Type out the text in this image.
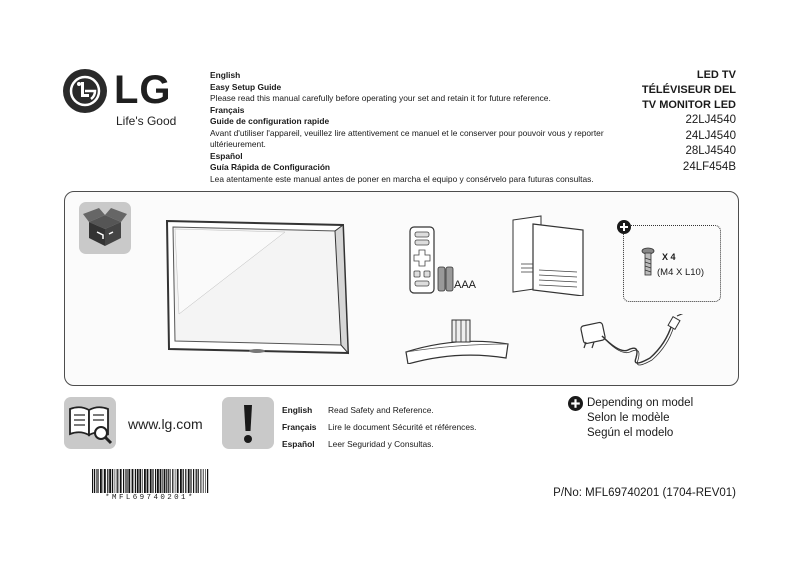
LG
Life's Good
English
Easy Setup Guide
Please read this manual carefully before operating your set and retain it for future reference.
Français
Guide de configuration rapide
Avant d'utiliser l'appareil, veuillez lire attentivement ce manuel et le conserver pour pouvoir vous y reporter ultérieurement.
Español
Guía Rápida de Configuración
Lea atentamente este manual antes de poner en marcha el equipo y consérvelo para futuras consultas.
LED TV
TÉLÉVISEUR DEL
TV MONITOR LED
22LJ4540
24LJ4540
28LJ4540
24LF454B
AAA
X 4
(M4 X L10)
www.lg.com
English Read Safety and Reference.
Français Lire le document Sécurité et références.
Español Leer Seguridad y Consultas.
Depending on model
Selon le modèle
Según el modelo
*MFL69740201*	P/No: MFL69740201 (1704-REV01)
